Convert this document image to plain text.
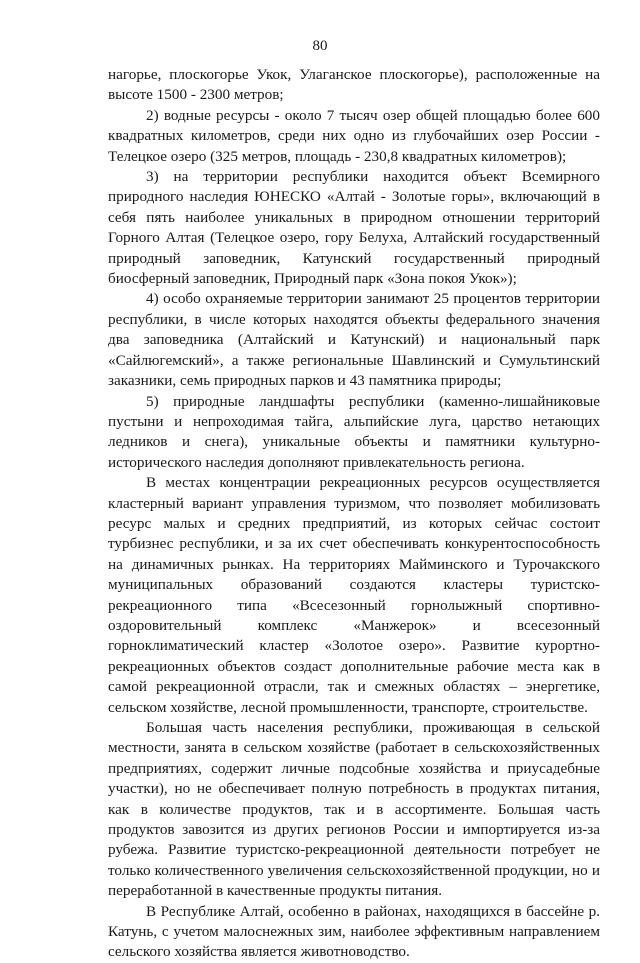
80

нагорье, плоскогорье Укок, Улаганское плоскогорье), расположенные на высоте 1500 - 2300 метров;

2) водные ресурсы - около 7 тысяч озер общей площадью более 600 квадратных километров, среди них одно из глубочайших озер России - Телецкое озеро (325 метров, площадь - 230,8 квадратных километров);

3) на территории республики находится объект Всемирного природного наследия ЮНЕСКО «Алтай - Золотые горы», включающий в себя пять наиболее уникальных в природном отношении территорий Горного Алтая (Телецкое озеро, гору Белуха, Алтайский государственный природный заповедник, Катунский государственный природный биосферный заповедник, Природный парк «Зона покоя Укок»);

4) особо охраняемые территории занимают 25 процентов территории республики, в числе которых находятся объекты федерального значения два заповедника (Алтайский и Катунский) и национальный парк «Сайлюгемский», а также региональные Шавлинский и Сумультинский заказники, семь природных парков и 43 памятника природы;

5) природные ландшафты республики (каменно-лишайниковые пустыни и непроходимая тайга, альпийские луга, царство нетающих ледников и снега), уникальные объекты и памятники культурно-исторического наследия дополняют привлекательность региона.

В местах концентрации рекреационных ресурсов осуществляется кластерный вариант управления туризмом, что позволяет мобилизовать ресурс малых и средних предприятий, из которых сейчас состоит турбизнес республики, и за их счет обеспечивать конкурентоспособность на динамичных рынках. На территориях Майминского и Турочакского муниципальных образований создаются кластеры туристско-рекреационного типа «Всесезонный горнолыжный спортивно-оздоровительный комплекс «Манжерок» и всесезонный горноклиматический кластер «Золотое озеро». Развитие курортно-рекреационных объектов создаст дополнительные рабочие места как в самой рекреационной отрасли, так и смежных областях – энергетике, сельском хозяйстве, лесной промышленности, транспорте, строительстве.

Большая часть населения республики, проживающая в сельской местности, занята в сельском хозяйстве (работает в сельскохозяйственных предприятиях, содержит личные подсобные хозяйства и приусадебные участки), но не обеспечивает полную потребность в продуктах питания, как в количестве продуктов, так и в ассортименте. Большая часть продуктов завозится из других регионов России и импортируется из-за рубежа. Развитие туристско-рекреационной деятельности потребует не только количественного увеличения сельскохозяйственной продукции, но и переработанной в качественные продукты питания.

В Республике Алтай, особенно в районах, находящихся в бассейне р. Катунь, с учетом малоснежных зим, наиболее эффективным направлением сельского хозяйства является животноводство.
